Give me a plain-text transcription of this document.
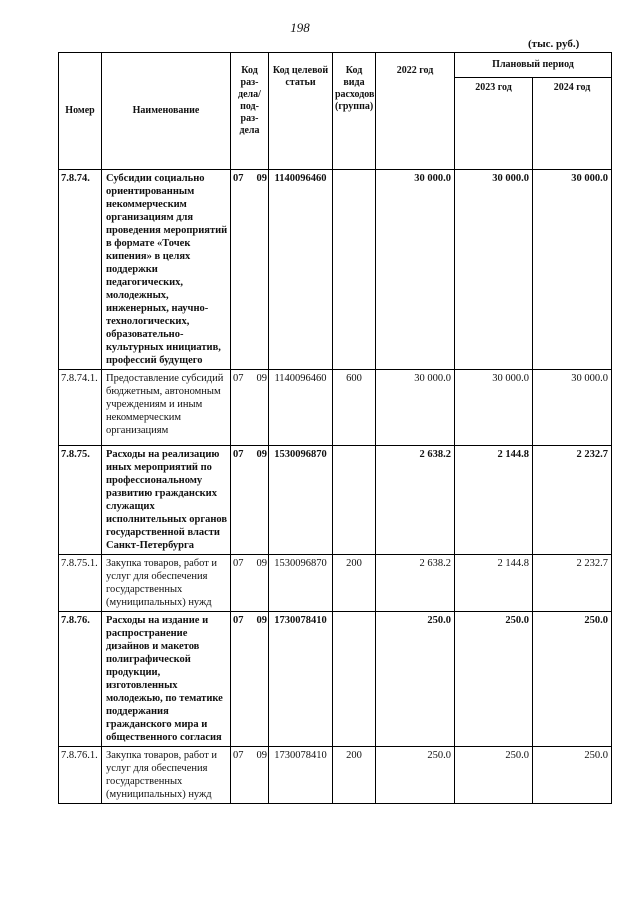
198
(тыс. руб.)
Номер	Наименование	Код раз- дела/ под- раз- дела	Код целевой статьи	Код вида расходов (группа)	2022 год	Плановый период	
						2023 год	2024 год
7.8.74.	Субсидии социально ориентированным некоммерческим организациям для проведения мероприятий в формате «Точек кипения» в целях поддержки педагогических, молодежных, инженерных, научно-технологических, образовательно-культурных инициатив, профессий будущего	07 09	1140096460		30 000.0	30 000.0	30 000.0
7.8.74.1.	Предоставление субсидий бюджетным, автономным учреждениям и иным некоммерческим организациям	07 09	1140096460	600	30 000.0	30 000.0	30 000.0
7.8.75.	Расходы на реализацию иных мероприятий по профессиональному развитию гражданских служащих исполнительных органов государственной власти Санкт-Петербурга	07 09	1530096870		2 638.2	2 144.8	2 232.7
7.8.75.1.	Закупка товаров, работ и услуг для обеспечения государственных (муниципальных) нужд	07 09	1530096870	200	2 638.2	2 144.8	2 232.7
7.8.76.	Расходы на издание и распространение дизайнов и макетов полиграфической продукции, изготовленных молодежью, по тематике поддержания гражданского мира и общественного согласия	07 09	1730078410		250.0	250.0	250.0
7.8.76.1.	Закупка товаров, работ и услуг для обеспечения государственных (муниципальных) нужд	07 09	1730078410	200	250.0	250.0	250.0
